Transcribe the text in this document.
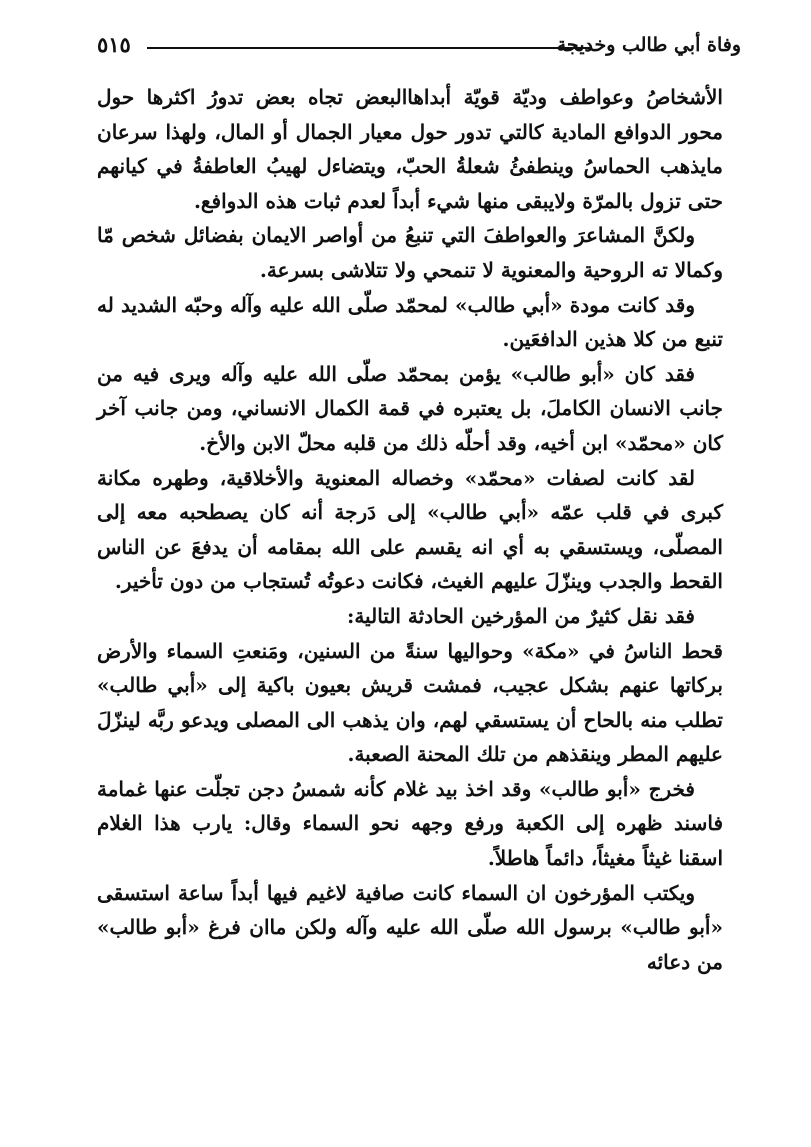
٥١٥	وفاة أبي طالب وخديجة

الأشخاصُ وعواطف وديّة قويّة أبداهاالبعض تجاه بعض تدورُ اكثرها حول محور الدوافع المادية كالتي تدور حول معيار الجمال أو المال، ولهذا سرعان مايذهب الحماسُ وينطفئُ شعلةُ الحبّ، ويتضاءل لهيبُ العاطفةُ في كيانهم حتى تزول بالمرّة ولايبقى منها شيء أبداً لعدم ثبات هذه الدوافع.

ولكنَّ المشاعرَ والعواطفَ التي تنبعُ من أواصر الايمان بفضائل شخص مّا وكمالا ته الروحية والمعنوية لا تنمحي ولا تتلاشى بسرعة.

وقد كانت مودة «أبي طالب» لمحمّد صلّى الله عليه وآله وحبّه الشديد له تنبع من كلا هذين الدافعَين.

فقد كان «أبو طالب» يؤمن بمحمّد صلّى الله عليه وآله ويرى فيه من جانب الانسان الكاملَ، بل يعتبره في قمة الكمال الانساني، ومن جانب آخر كان «محمّد» ابن أخيه، وقد أحلّه ذلك من قلبه محلّ الابن والأخ.

لقد كانت لصفات «محمّد» وخصاله المعنوية والأخلاقية، وطهره مكانة كبرى في قلب عمّه «أبي طالب» إلى دَرجة أنه كان يصطحبه معه إلى المصلّى، ويستسقي به أي انه يقسم على الله بمقامه أن يدفعَ عن الناس القحط والجدب وينزّلَ عليهم الغيث، فكانت دعوتُه تُستجاب من دون تأخير.

فقد نقل كثيرٌ من المؤرخين الحادثة التالية:

قحط الناسُ في «مكة» وحواليها سنةً من السنين، ومَنعتِ السماء والأرض بركاتها عنهم بشكل عجيب، فمشت قريش بعيون باكية إلى «أبي طالب» تطلب منه بالحاح أن يستسقي لهم، وان يذهب الى المصلى ويدعو ربَّه لينزّلَ عليهم المطر وينقذهم من تلك المحنة الصعبة.

فخرج «أبو طالب» وقد اخذ بيد غلام كأنه شمسُ دجن تجلّت عنها غمامة فاسند ظهره إلى الكعبة ورفع وجهه نحو السماء وقال: يارب هذا الغلام اسقنا غيثاً مغيثاً، دائماً هاطلاً.

ويكتب المؤرخون ان السماء كانت صافية لاغيم فيها أبداً ساعة استسقى «أبو طالب» برسول الله صلّى الله عليه وآله ولكن ماان فرغ «أبو طالب» من دعائه
